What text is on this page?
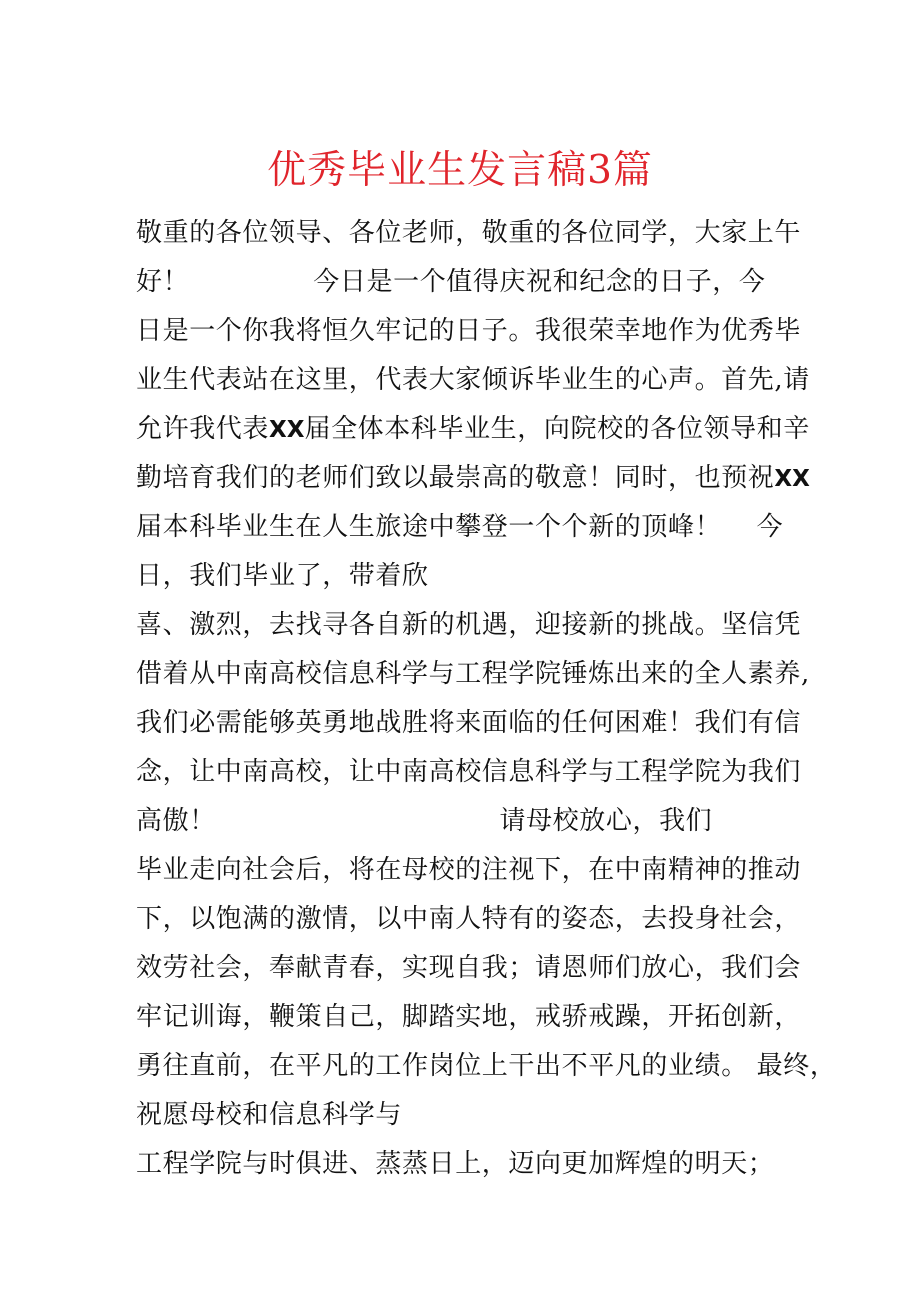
优秀毕业生发言稿3篇
敬重的各位领导、各位老师，敬重的各位同学，大家上午
好！              今日是一个值得庆祝和纪念的日子，今
日是一个你我将恒久牢记的日子。我很荣幸地作为优秀毕
业生代表站在这里，代表大家倾诉毕业生的心声。首先,请
允许我代表XX届全体本科毕业生，向院校的各位领导和辛
勤培育我们的老师们致以最崇高的敬意！同时，也预祝XX
届本科毕业生在人生旅途中攀登一个个新的顶峰！    今
日，我们毕业了，带着欣
喜、激烈，去找寻各自新的机遇，迎接新的挑战。坚信凭
借着从中南高校信息科学与工程学院锤炼出来的全人素养,
我们必需能够英勇地战胜将来面临的任何困难！我们有信
念，让中南高校，让中南高校信息科学与工程学院为我们
高傲！                                请母校放心，我们
毕业走向社会后，将在母校的注视下，在中南精神的推动
下，以饱满的激情，以中南人特有的姿态，去投身社会，
效劳社会，奉献青春，实现自我；请恩师们放心，我们会
牢记训诲，鞭策自己，脚踏实地，戒骄戒躁，开拓创新，
勇往直前，在平凡的工作岗位上干出不平凡的业绩。 最终，
祝愿母校和信息科学与
工程学院与时俱进、蒸蒸日上，迈向更加辉煌的明天；
